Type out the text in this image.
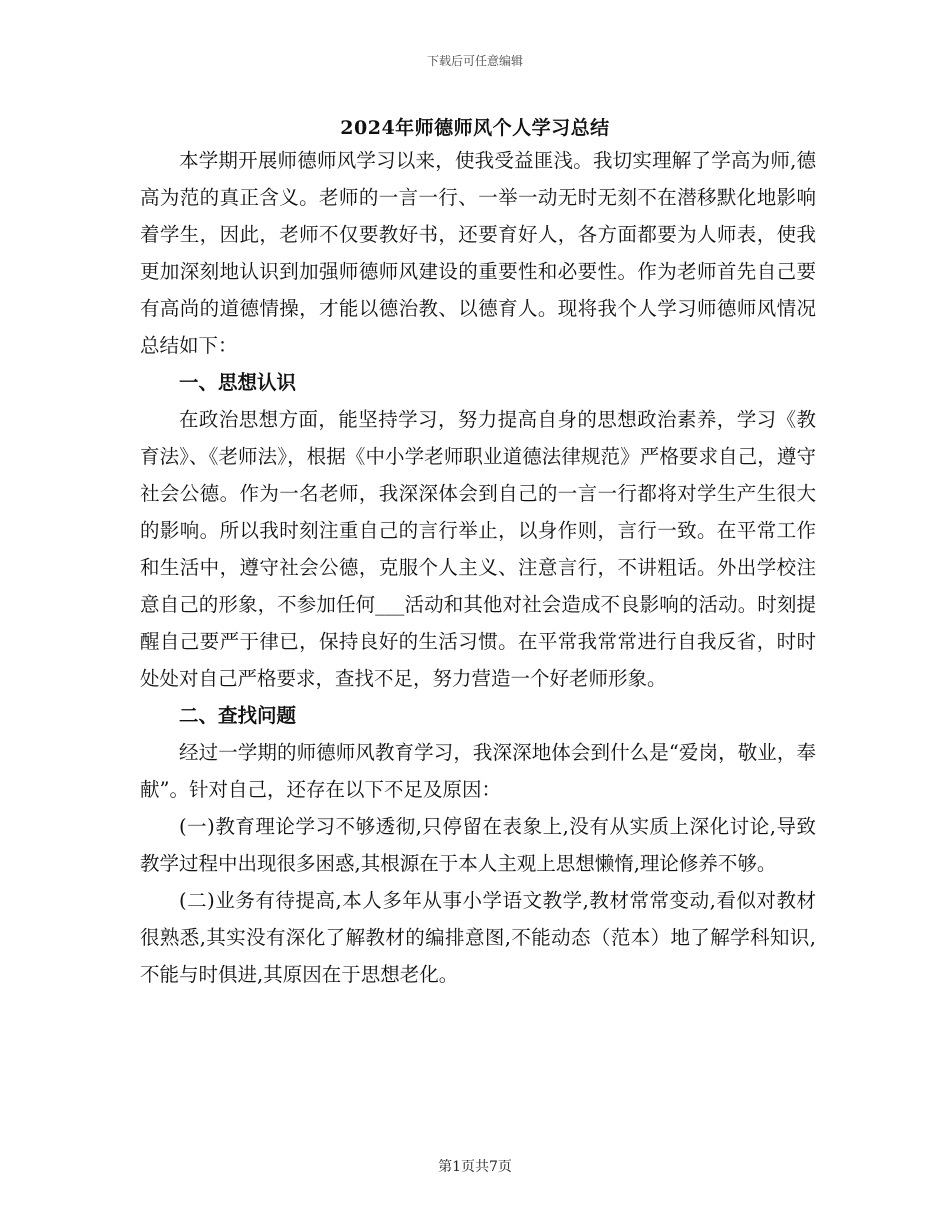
下载后可任意编辑
2024年师德师风个人学习总结

本学期开展师德师风学习以来，使我受益匪浅。我切实理解了学高为师,德高为范的真正含义。老师的一言一行、一举一动无时无刻不在潜移默化地影响着学生，因此，老师不仅要教好书，还要育好人，各方面都要为人师表，使我更加深刻地认识到加强师德师风建设的重要性和必要性。作为老师首先自己要有高尚的道德情操，才能以德治教、以德育人。现将我个人学习师德师风情况总结如下：

一、思想认识

在政治思想方面，能坚持学习，努力提高自身的思想政治素养，学习《教育法》、《老师法》，根据《中小学老师职业道德法律规范》严格要求自己，遵守社会公德。作为一名老师，我深深体会到自己的一言一行都将对学生产生很大的影响。所以我时刻注重自己的言行举止，以身作则，言行一致。在平常工作和生活中，遵守社会公德，克服个人主义、注意言行，不讲粗话。外出学校注意自己的形象，不参加任何___活动和其他对社会造成不良影响的活动。时刻提醒自己要严于律已，保持良好的生活习惯。在平常我常常进行自我反省，时时处处对自己严格要求，查找不足，努力营造一个好老师形象。

二、查找问题

经过一学期的师德师风教育学习，我深深地体会到什么是“爱岗，敬业，奉献”。针对自己，还存在以下不足及原因：

(一)教育理论学习不够透彻,只停留在表象上,没有从实质上深化讨论,导致教学过程中出现很多困惑,其根源在于本人主观上思想懒惰,理论修养不够。

(二)业务有待提高,本人多年从事小学语文教学,教材常常变动,看似对教材很熟悉,其实没有深化了解教材的编排意图,不能动态（范本）地了解学科知识,不能与时俱进,其原因在于思想老化。

第1页共7页
